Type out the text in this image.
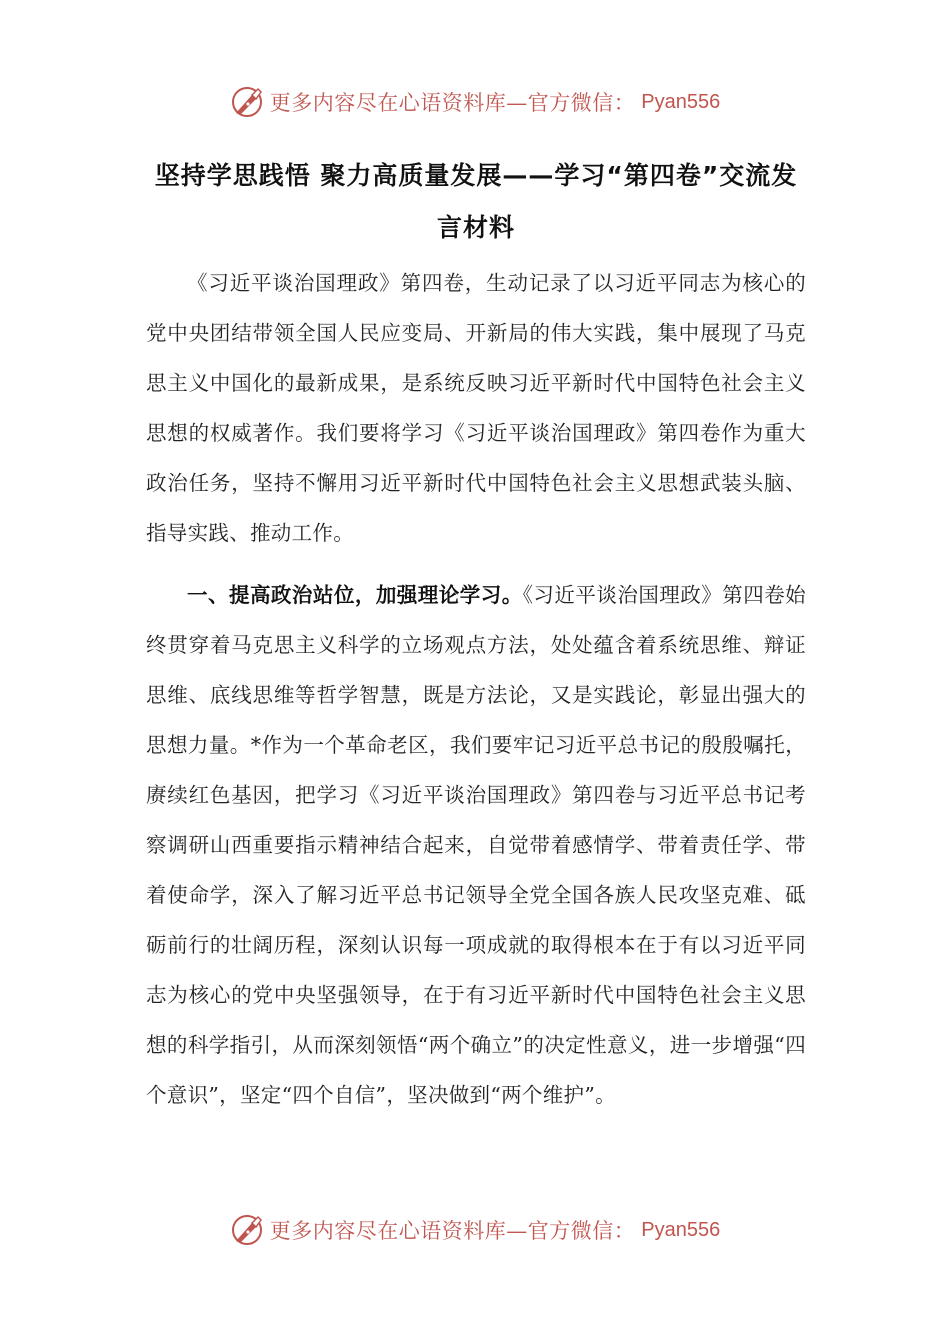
更多内容尽在心语资料库—官方微信： Pyan556
坚持学思践悟 聚力高质量发展——学习“第四卷”交流发言材料

《习近平谈治国理政》第四卷，生动记录了以习近平同志为核心的党中央团结带领全国人民应变局、开新局的伟大实践，集中展现了马克思主义中国化的最新成果，是系统反映习近平新时代中国特色社会主义思想的权威著作。我们要将学习《习近平谈治国理政》第四卷作为重大政治任务，坚持不懈用习近平新时代中国特色社会主义思想武装头脑、指导实践、推动工作。

一、提高政治站位，加强理论学习。《习近平谈治国理政》第四卷始终贯穿着马克思主义科学的立场观点方法，处处蕴含着系统思维、辩证思维、底线思维等哲学智慧，既是方法论，又是实践论，彰显出强大的思想力量。*作为一个革命老区，我们要牢记习近平总书记的殷殷嘱托，赓续红色基因，把学习《习近平谈治国理政》第四卷与习近平总书记考察调研山西重要指示精神结合起来，自觉带着感情学、带着责任学、带着使命学，深入了解习近平总书记领导全党全国各族人民攻坚克难、砥砺前行的壮阔历程，深刻认识每一项成就的取得根本在于有以习近平同志为核心的党中央坚强领导，在于有习近平新时代中国特色社会主义思想的科学指引，从而深刻领悟“两个确立”的决定性意义，进一步增强“四个意识”，坚定“四个自信”，坚决做到“两个维护”。

更多内容尽在心语资料库—官方微信： Pyan556
